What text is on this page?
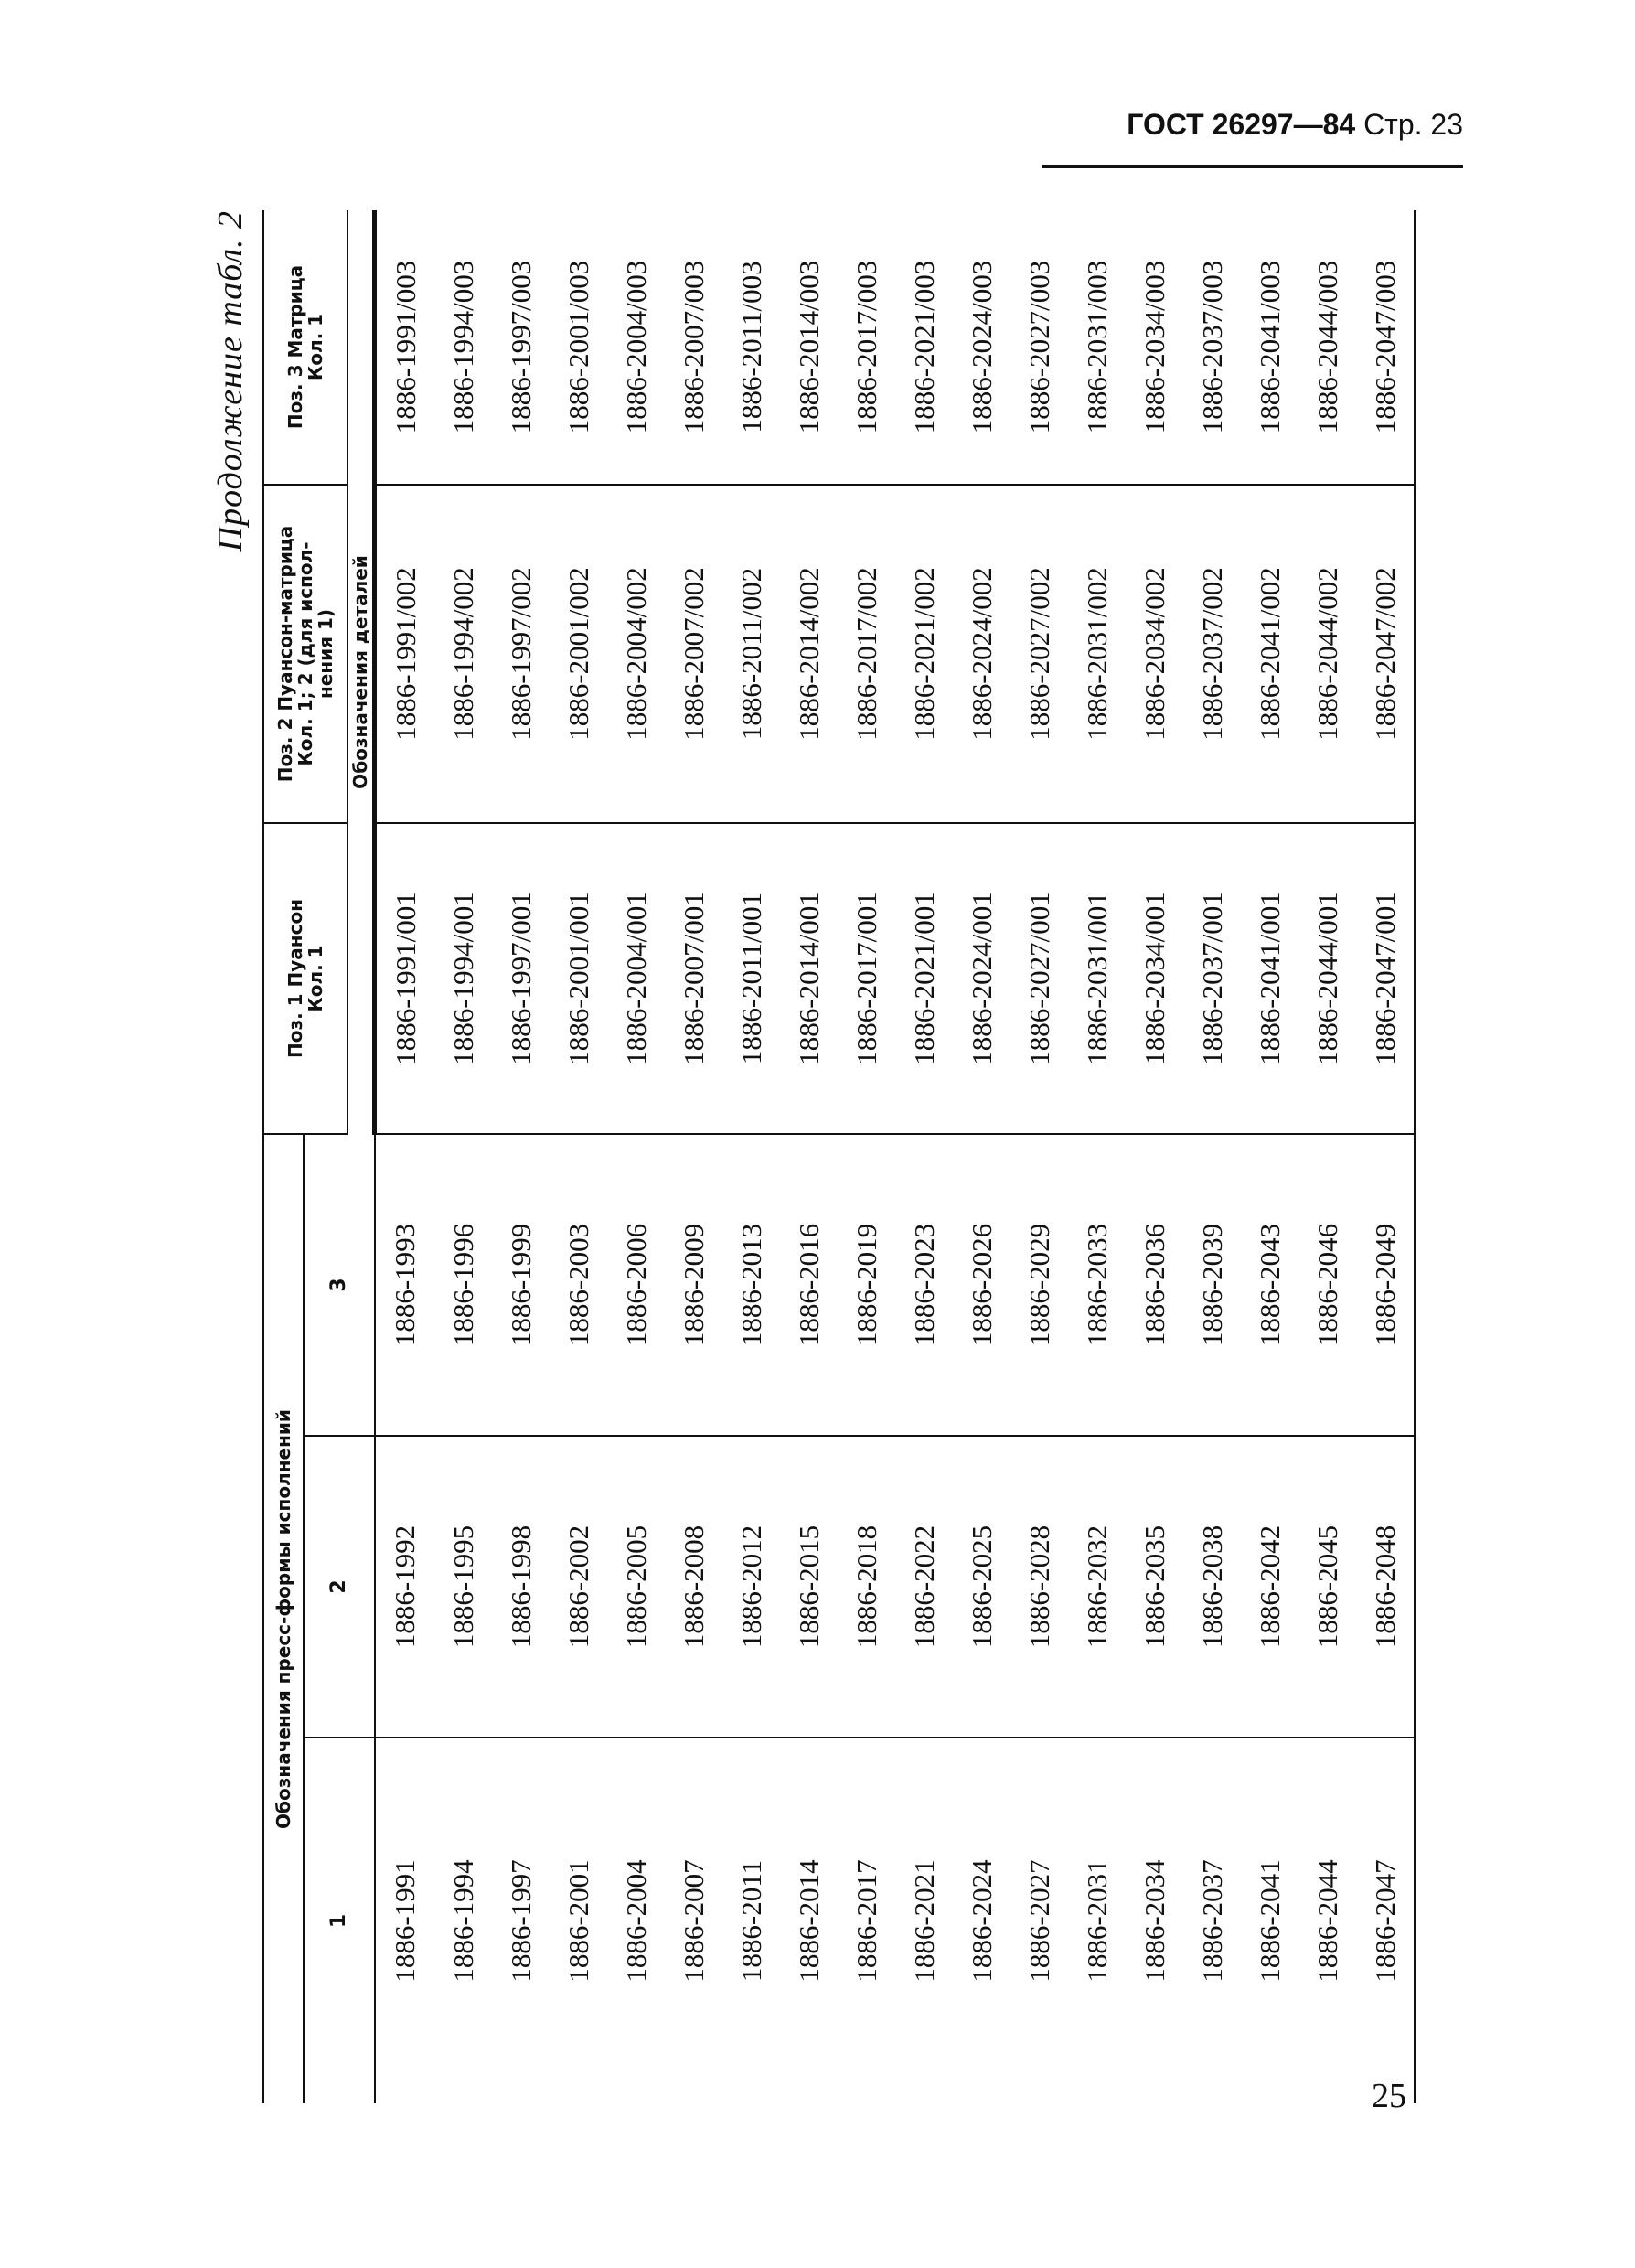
ГОСТ 26297—84 Стр. 23
25
Продолжение табл. 2
Обозначения пресс-формы исполнений			Поз. 1 Пуансон
Кол. 1	Поз. 2 Пуансон-матрица
Кол. 1; 2 (для испол-
нения 1)	Поз. 3 Матрица
Кол. 1

1	2	3			
			Обозначения деталей		
1886-1991	1886-1992	1886-1993	1886-1991/001	1886-1991/002	1886-1991/003
1886-1994	1886-1995	1886-1996	1886-1994/001	1886-1994/002	1886-1994/003
1886-1997	1886-1998	1886-1999	1886-1997/001	1886-1997/002	1886-1997/003
1886-2001	1886-2002	1886-2003	1886-2001/001	1886-2001/002	1886-2001/003
1886-2004	1886-2005	1886-2006	1886-2004/001	1886-2004/002	1886-2004/003
1886-2007	1886-2008	1886-2009	1886-2007/001	1886-2007/002	1886-2007/003
1886-2011	1886-2012	1886-2013	1886-2011/001	1886-2011/002	1886-2011/003
1886-2014	1886-2015	1886-2016	1886-2014/001	1886-2014/002	1886-2014/003
1886-2017	1886-2018	1886-2019	1886-2017/001	1886-2017/002	1886-2017/003
1886-2021	1886-2022	1886-2023	1886-2021/001	1886-2021/002	1886-2021/003
1886-2024	1886-2025	1886-2026	1886-2024/001	1886-2024/002	1886-2024/003
1886-2027	1886-2028	1886-2029	1886-2027/001	1886-2027/002	1886-2027/003
1886-2031	1886-2032	1886-2033	1886-2031/001	1886-2031/002	1886-2031/003
1886-2034	1886-2035	1886-2036	1886-2034/001	1886-2034/002	1886-2034/003
1886-2037	1886-2038	1886-2039	1886-2037/001	1886-2037/002	1886-2037/003
1886-2041	1886-2042	1886-2043	1886-2041/001	1886-2041/002	1886-2041/003
1886-2044	1886-2045	1886-2046	1886-2044/001	1886-2044/002	1886-2044/003
1886-2047	1886-2048	1886-2049	1886-2047/001	1886-2047/002	1886-2047/003
